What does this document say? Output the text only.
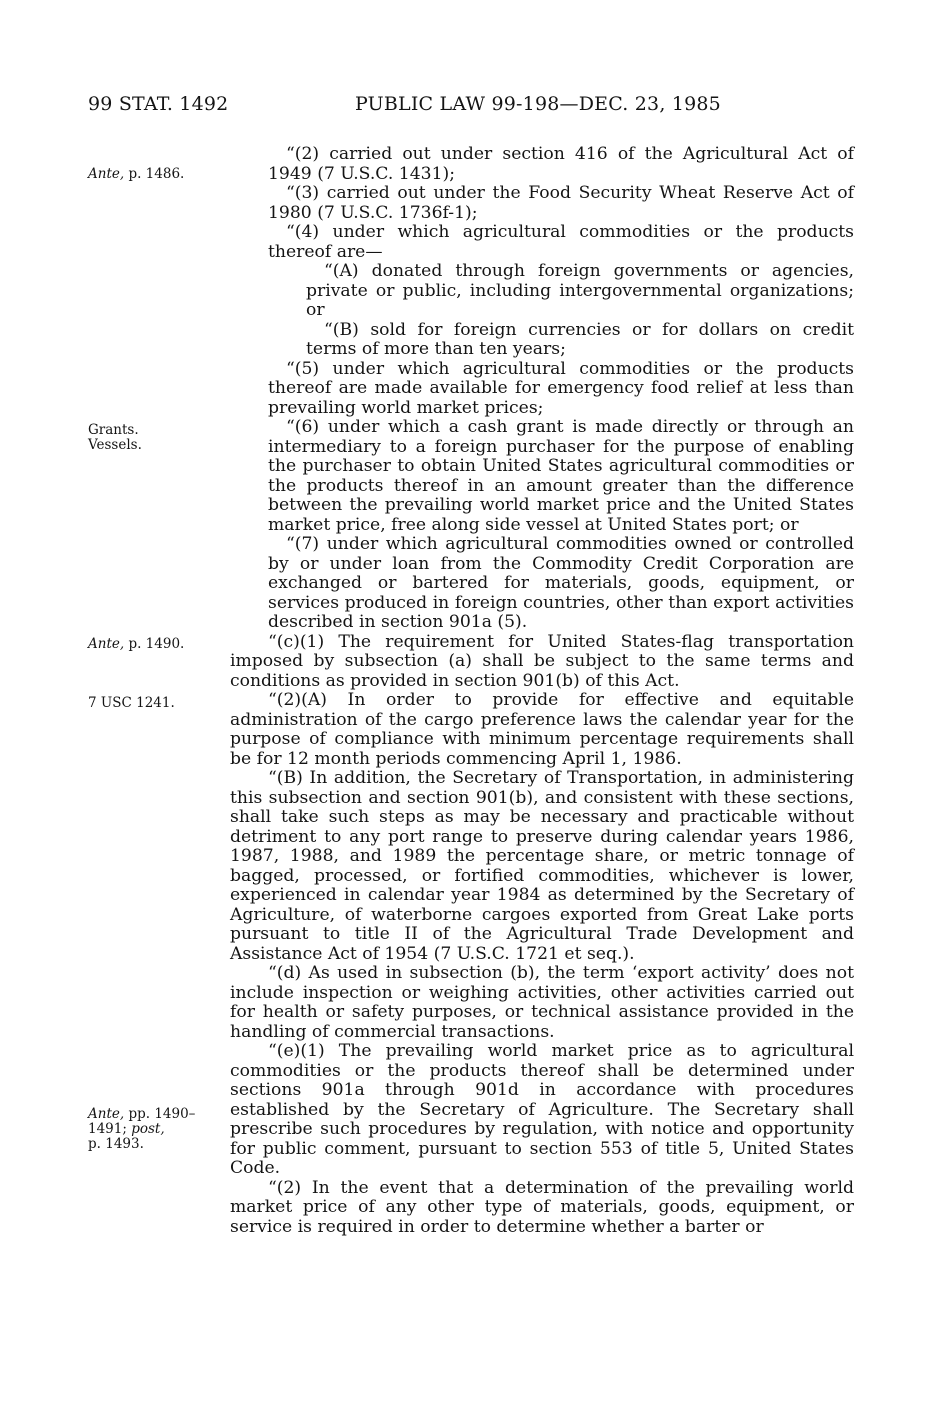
99 STAT. 1492	PUBLIC LAW 99-198—DEC. 23, 1985
Ante, p. 1486.
Grants.
Vessels.
Ante, p. 1490.
7 USC 1241.
Ante, pp. 1490–
1491; post,
p. 1493.

“(2) carried out under section 416 of the Agricultural Act of 1949 (7 U.S.C. 1431);

“(3) carried out under the Food Security Wheat Reserve Act of 1980 (7 U.S.C. 1736f-1);

“(4) under which agricultural commodities or the products thereof are—

“(A) donated through foreign governments or agencies, private or public, including intergovernmental organizations; or

“(B) sold for foreign currencies or for dollars on credit terms of more than ten years;

“(5) under which agricultural commodities or the products thereof are made available for emergency food relief at less than prevailing world market prices;

“(6) under which a cash grant is made directly or through an intermediary to a foreign purchaser for the purpose of enabling the purchaser to obtain United States agricultural commodities or the products thereof in an amount greater than the difference between the prevailing world market price and the United States market price, free along side vessel at United States port; or

“(7) under which agricultural commodities owned or controlled by or under loan from the Commodity Credit Corporation are exchanged or bartered for materials, goods, equipment, or services produced in foreign countries, other than export activities described in section 901a (5).

“(c)(1) The requirement for United States-flag transportation imposed by subsection (a) shall be subject to the same terms and conditions as provided in section 901(b) of this Act.

“(2)(A) In order to provide for effective and equitable administration of the cargo preference laws the calendar year for the purpose of compliance with minimum percentage requirements shall be for 12 month periods commencing April 1, 1986.

“(B) In addition, the Secretary of Transportation, in administering this subsection and section 901(b), and consistent with these sections, shall take such steps as may be necessary and practicable without detriment to any port range to preserve during calendar years 1986, 1987, 1988, and 1989 the percentage share, or metric tonnage of bagged, processed, or fortified commodities, whichever is lower, experienced in calendar year 1984 as determined by the Secretary of Agriculture, of waterborne cargoes exported from Great Lake ports pursuant to title II of the Agricultural Trade Development and Assistance Act of 1954 (7 U.S.C. 1721 et seq.).

“(d) As used in subsection (b), the term ‘export activity’ does not include inspection or weighing activities, other activities carried out for health or safety purposes, or technical assistance provided in the handling of commercial transactions.

“(e)(1) The prevailing world market price as to agricultural commodities or the products thereof shall be determined under sections 901a through 901d in accordance with procedures established by the Secretary of Agriculture. The Secretary shall prescribe such procedures by regulation, with notice and opportunity for public comment, pursuant to section 553 of title 5, United States Code.

“(2) In the event that a determination of the prevailing world market price of any other type of materials, goods, equipment, or service is required in order to determine whether a barter or
